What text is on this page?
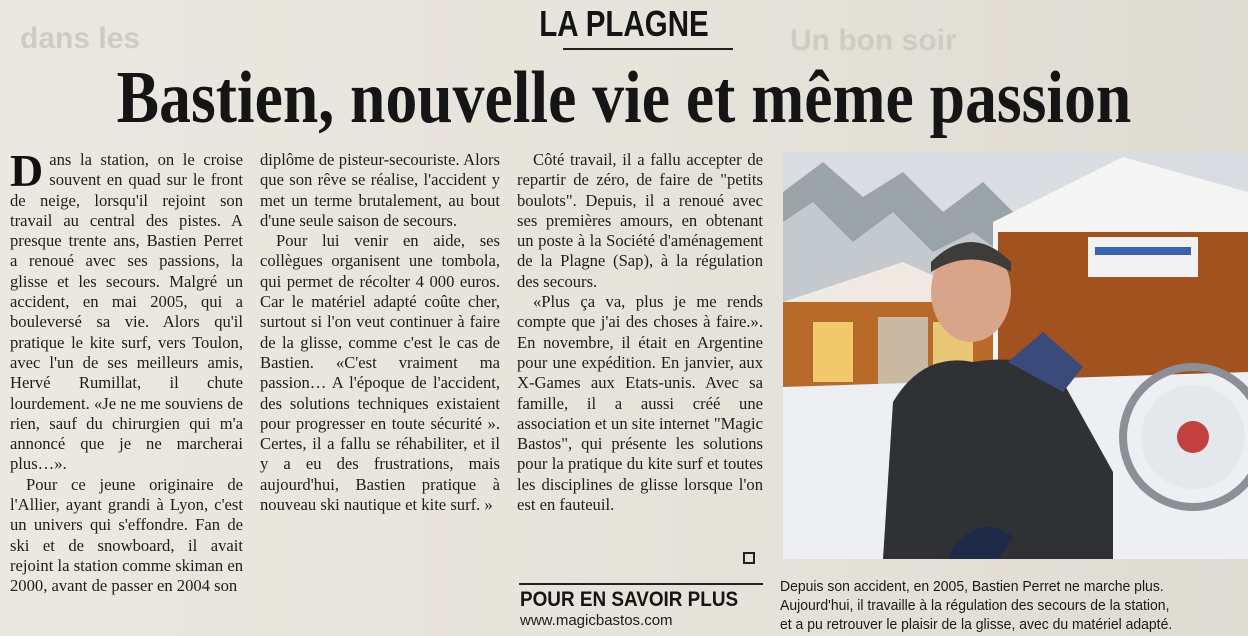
dans les	Un bon soir
LA PLAGNE
Bastien, nouvelle vie et même passion

Dans la station, on le croise souvent en quad sur le front de neige, lorsqu'il rejoint son travail au central des pistes. A presque trente ans, Bastien Perret a renoué avec ses passions, la glisse et les secours. Malgré un accident, en mai 2005, qui a bouleversé sa vie. Alors qu'il pratique le kite surf, vers Toulon, avec l'un de ses meilleurs amis, Hervé Rumillat, il chute lourdement. «Je ne me souviens de rien, sauf du chirurgien qui m'a annoncé que je ne marcherai plus…».

Pour ce jeune originaire de l'Allier, ayant grandi à Lyon, c'est un univers qui s'effondre. Fan de ski et de snowboard, il avait rejoint la station comme skiman en 2000, avant de passer en 2004 son

diplôme de pisteur-secouriste. Alors que son rêve se réalise, l'accident y met un terme brutalement, au bout d'une seule saison de secours.

Pour lui venir en aide, ses collègues organisent une tombola, qui permet de récolter 4 000 euros. Car le matériel adapté coûte cher, surtout si l'on veut continuer à faire de la glisse, comme c'est le cas de Bastien. «C'est vraiment ma passion… A l'époque de l'accident, des solutions techniques existaient pour progresser en toute sécurité ». Certes, il a fallu se réhabiliter, et il y a eu des frustrations, mais aujourd'hui, Bastien pratique à nouveau ski nautique et kite surf. »

Côté travail, il a fallu accepter de repartir de zéro, de faire de "petits boulots". Depuis, il a renoué avec ses premières amours, en obtenant un poste à la Société d'aménagement de la Plagne (Sap), à la régulation des secours.

«Plus ça va, plus je me rends compte que j'ai des choses à faire.». En novembre, il était en Argentine pour une expédition. En janvier, aux X-Games aux Etats-unis. Avec sa famille, il a aussi créé une association et un site internet "Magic Bastos", qui présente les solutions pour la pratique du kite surf et toutes les disciplines de glisse lorsque l'on est en fauteuil.

POUR EN SAVOIR PLUS
www.magicbastos.com

Depuis son accident, en 2005, Bastien Perret ne marche plus.

Aujourd'hui, il travaille à la régulation des secours de la station,

et a pu retrouver le plaisir de la glisse, avec du matériel adapté.
